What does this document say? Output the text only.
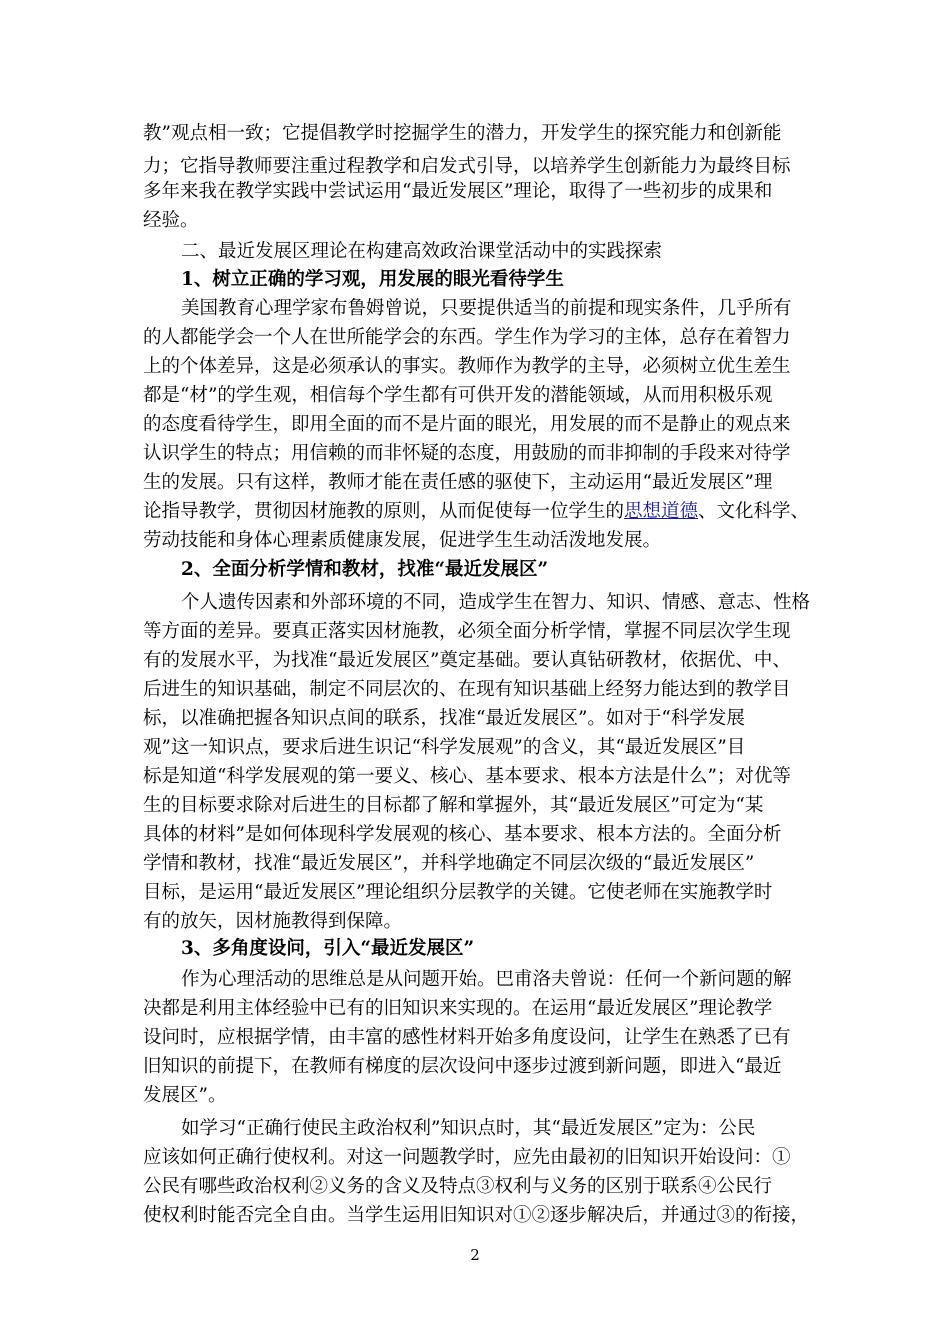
教”观点相一致；它提倡教学时挖掘学生的潜力，开发学生的探究能力和创新能
力；它指导教师要注重过程教学和启发式引导，以培养学生创新能力为最终目标
多年来我在教学实践中尝试运用“最近发展区”理论，取得了一些初步的成果和
经验。
二、最近发展区理论在构建高效政治课堂活动中的实践探索
1、树立正确的学习观，用发展的眼光看待学生
美国教育心理学家布鲁姆曾说，只要提供适当的前提和现实条件，几乎所有
的人都能学会一个人在世所能学会的东西。学生作为学习的主体，总存在着智力
上的个体差异，这是必须承认的事实。教师作为教学的主导，必须树立优生差生
都是“材”的学生观，相信每个学生都有可供开发的潜能领域，从而用积极乐观
的态度看待学生，即用全面的而不是片面的眼光，用发展的而不是静止的观点来
认识学生的特点；用信赖的而非怀疑的态度，用鼓励的而非抑制的手段来对待学
生的发展。只有这样，教师才能在责任感的驱使下，主动运用“最近发展区”理
论指导教学，贯彻因材施教的原则，从而促使每一位学生的思想道德、文化科学、
劳动技能和身体心理素质健康发展，促进学生生动活泼地发展。
2、全面分析学情和教材，找准“最近发展区”
个人遗传因素和外部环境的不同，造成学生在智力、知识、情感、意志、性格
等方面的差异。要真正落实因材施教，必须全面分析学情，掌握不同层次学生现
有的发展水平，为找准“最近发展区”奠定基础。要认真钻研教材，依据优、中、
后进生的知识基础，制定不同层次的、在现有知识基础上经努力能达到的教学目
标，以准确把握各知识点间的联系，找准“最近发展区”。如对于“科学发展
观”这一知识点，要求后进生识记“科学发展观”的含义，其“最近发展区”目
标是知道“科学发展观的第一要义、核心、基本要求、根本方法是什么”；对优等
生的目标要求除对后进生的目标都了解和掌握外，其“最近发展区”可定为“某
具体的材料”是如何体现科学发展观的核心、基本要求、根本方法的。全面分析
学情和教材，找准“最近发展区”，并科学地确定不同层次级的“最近发展区”
目标，是运用“最近发展区”理论组织分层教学的关键。它使老师在实施教学时
有的放矢，因材施教得到保障。
3、多角度设问，引入“最近发展区”
作为心理活动的思维总是从问题开始。巴甫洛夫曾说：任何一个新问题的解
决都是利用主体经验中已有的旧知识来实现的。在运用“最近发展区”理论教学
设问时，应根据学情，由丰富的感性材料开始多角度设问，让学生在熟悉了已有
旧知识的前提下，在教师有梯度的层次设问中逐步过渡到新问题，即进入“最近
发展区”。
如学习“正确行使民主政治权利”知识点时，其“最近发展区”定为：公民
应该如何正确行使权利。对这一问题教学时，应先由最初的旧知识开始设问：①
公民有哪些政治权利②义务的含义及特点③权利与义务的区别于联系④公民行
使权利时能否完全自由。当学生运用旧知识对①②逐步解决后，并通过③的衔接，
2
